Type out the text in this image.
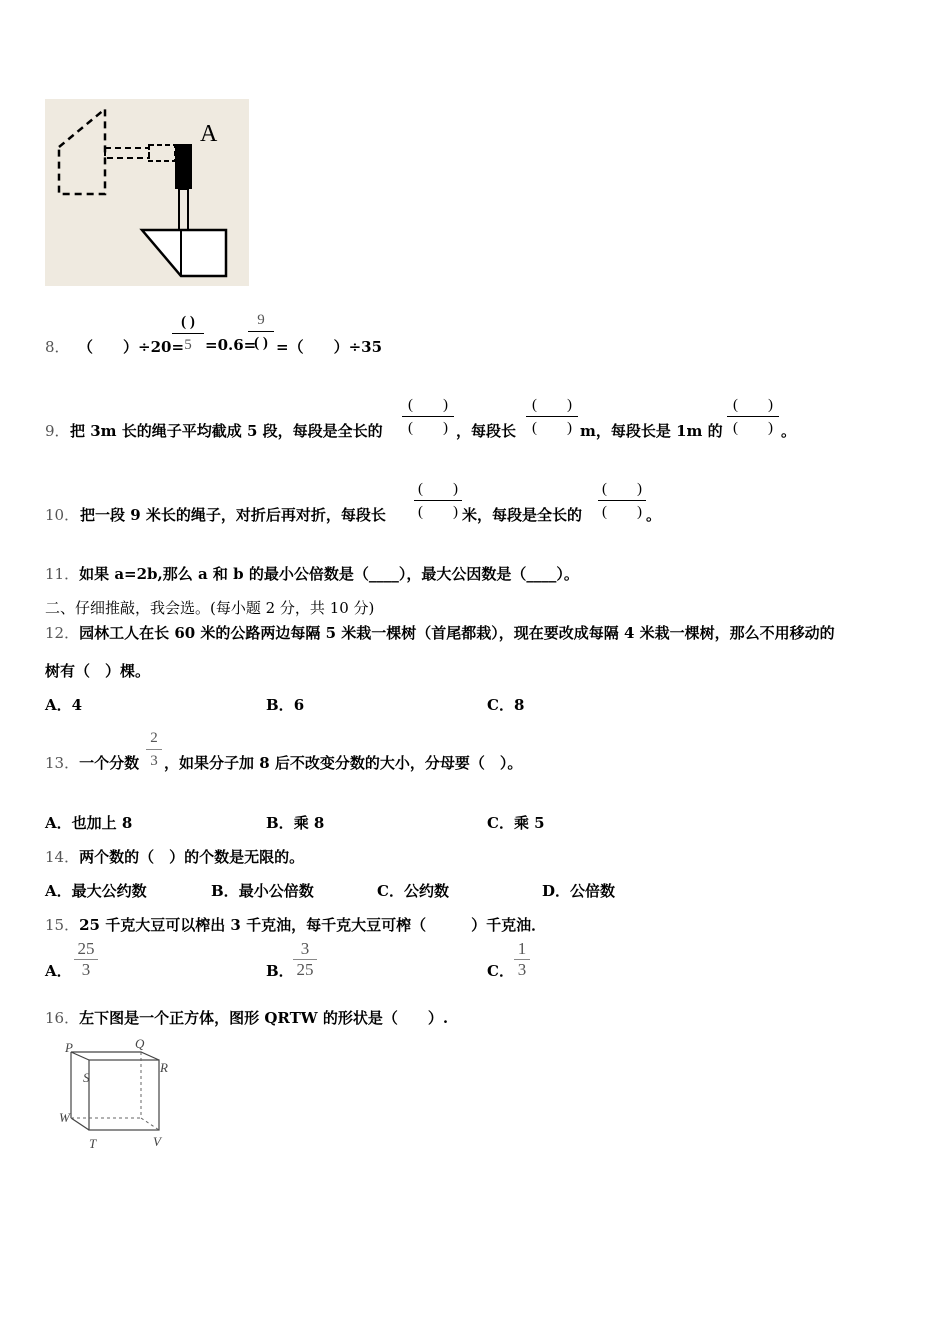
A
8． （　　）÷20=
( )
5 =0.6=
9
( ) =（　　）÷35
9． 把 3m 长的绳子平均截成 5 段，每段是全长的
(　　)
(　　) ，每段长
(　　)
(　　) m，每段长是 1m 的
(　　)
(　　) 。
10． 把一段 9 米长的绳子，对折后再对折，每段长
(　　)
(　　) 米，每段是全长的
(　　)
(　　) 。
11．如果 a=2b,那么 a 和 b 的最小公倍数是（____），最大公因数是（____）。
二、仔细推敲，我会选。(每小题 2 分，共 10 分)
12．园林工人在长 60 米的公路两边每隔 5 米栽一棵树（首尾都栽），现在要改成每隔 4 米栽一棵树，那么不用移动的
树有（　）棵。
A．4	B．6	C．8
13．一个分数
2
3 ，如果分子加 8 后不改变分数的大小，分母要（　）。
A．也加上 8	B．乘 8	C．乘 5
14．两个数的（　）的个数是无限的。
A．最大公约数	B．最小公倍数	C．公约数	D．公倍数
15．25 千克大豆可以榨出 3 千克油，每千克大豆可榨（　　　）千克油．
A．
25
3	B．
3
25	C．
1
3
16．左下图是一个正方体，图形 QRTW 的形状是（　　）.
P	Q
R
S
W
T	V
